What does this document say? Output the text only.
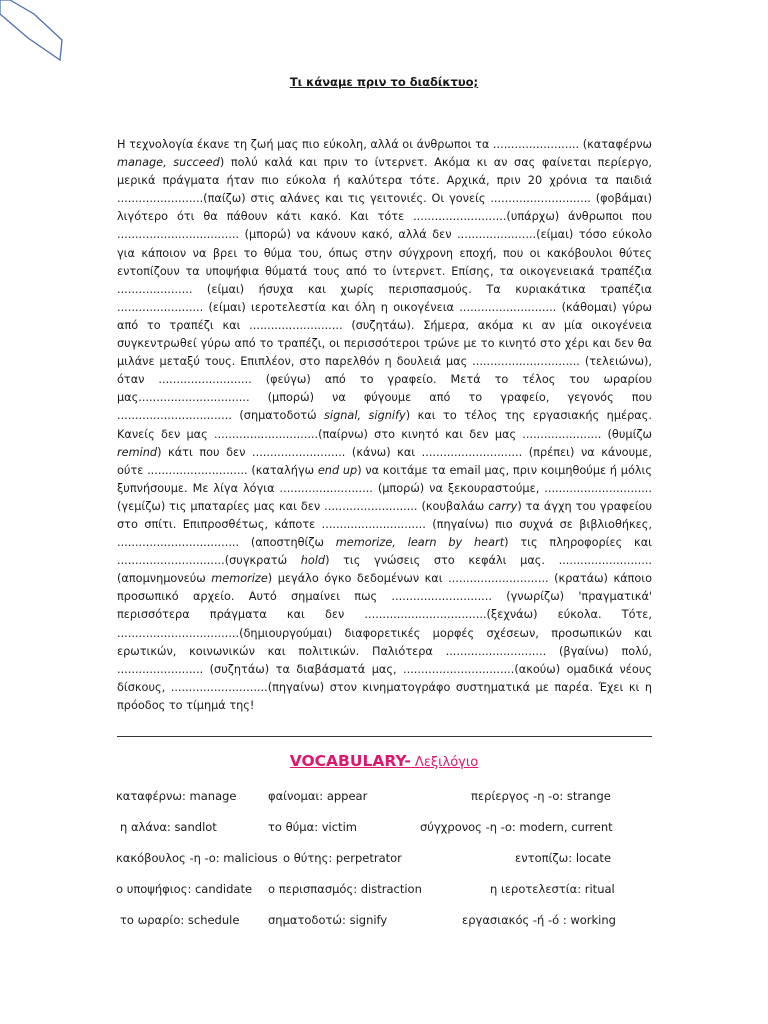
Τι κάναμε πριν το διαδίκτυο;
Η τεχνολογία έκανε τη ζωή μας πιο εύκολη, αλλά οι άνθρωποι τα ........................ (καταφέρνω manage, succeed) πολύ καλά και πριν το ίντερνετ. Ακόμα κι αν σας φαίνεται περίεργο, μερικά πράγματα ήταν πιο εύκολα ή καλύτερα τότε. Αρχικά, πριν 20 χρόνια τα παιδιά ........................(παίζω) στις αλάνες και τις γειτονιές. Οι γονείς ............................ (φοβάμαι) λιγότερο ότι θα πάθουν κάτι κακό. Και τότε ..........................(υπάρχω) άνθρωποι που .................................. (μπορώ) να κάνουν κακό, αλλά δεν ......................(είμαι) τόσο εύκολο για κάποιον να βρει το θύμα του, όπως στην σύγχρονη εποχή, που οι κακόβουλοι θύτες εντοπίζουν τα υποψήφια θύματά τους από το ίντερνετ. Επίσης, τα οικογενειακά τραπέζια ..................... (είμαι) ήσυχα και χωρίς περισπασμούς. Τα κυριακάτικα τραπέζια ........................ (είμαι) ιεροτελεστία και όλη η οικογένεια ........................... (κάθομαι) γύρω από το τραπέζι και .......................... (συζητάω). Σήμερα, ακόμα κι αν μία οικογένεια συγκεντρωθεί γύρω από το τραπέζι, οι περισσότεροι τρώνε με το κινητό στο χέρι και δεν θα μιλάνε μεταξύ τους. Επιπλέον, στο παρελθόν η δουλειά μας .............................. (τελειώνω), όταν .......................... (φεύγω) από το γραφείο. Μετά το τέλος του ωραρίου μας............................... (μπορώ) να φύγουμε από το γραφείο, γεγονός που ................................ (σηματοδοτώ signal, signify) και το τέλος της εργασιακής ημέρας. Κανείς δεν μας .............................(παίρνω) στο κινητό και δεν μας ...................... (θυμίζω remind) κάτι που δεν .......................... (κάνω) και ............................ (πρέπει) να κάνουμε, ούτε ............................ (καταλήγω end up) να κοιτάμε τα email μας, πριν κοιμηθούμε ή μόλις ξυπνήσουμε. Με λίγα λόγια .......................... (μπορώ) να ξεκουραστούμε, .............................. (γεμίζω) τις μπαταρίες μας και δεν .......................... (κουβαλάω carry) τα άγχη του γραφείου στο σπίτι. Επιπροσθέτως, κάποτε ............................. (πηγαίνω) πιο συχνά σε βιβλιοθήκες, .................................. (αποστηθίζω memorize, learn by heart) τις πληροφορίες και ..............................(συγκρατώ hold) τις γνώσεις στο κεφάλι μας. .......................... (απομνημονεύω memorize) μεγάλο όγκο δεδομένων και ............................ (κρατάω) κάποιο προσωπικό αρχείο. Αυτό σημαίνει πως ............................ (γνωρίζω) 'πραγματικά' περισσότερα πράγματα και δεν ..................................(ξεχνάω) εύκολα. Τότε, ..................................(δημιουργούμαι) διαφορετικές μορφές σχέσεων, προσωπικών και ερωτικών, κοινωνικών και πολιτικών. Παλιότερα ............................ (βγαίνω) πολύ, ........................ (συζητάω) τα διαβάσματά μας, ...............................(ακούω) ομαδικά νέους δίσκους, ...........................(πηγαίνω) στον κινηματογράφο συστηματικά με παρέα. Έχει κι η πρόοδος το τίμημά της!
VOCABULARY- Λεξιλόγιο
καταφέρνω: manage	φαίνομαι: appear	περίεργος -η -ο: strange
η αλάνα: sandlot	το θύμα: victim	σύγχρονος -η -ο: modern, current
κακόβουλος -η -ο: malicious ο θύτης: perpetrator	εντοπίζω: locate
ο υποψήφιος: candidate ο περισπασμός: distraction	η ιεροτελεστία: ritual
το ωραρίο: schedule σηματοδοτώ: signify	εργασιακός -ή -ό : working
